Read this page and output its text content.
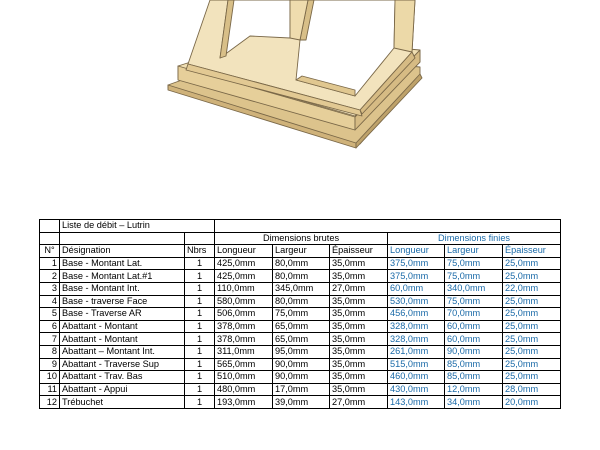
	Liste de débit – Lutrin							
			Dimensions brutes			Dimensions finies		
N°	Désignation	Nbrs	Longueur	Largeur	Épaisseur	Longueur	Largeur	Épaisseur
1	Base - Montant Lat.	1	425,0mm	80,0mm	35,0mm	375,0mm	75,0mm	25,0mm
2	Base - Montant Lat.#1	1	425,0mm	80,0mm	35,0mm	375,0mm	75,0mm	25,0mm
3	Base - Montant Int.	1	110,0mm	345,0mm	27,0mm	60,0mm	340,0mm	22,0mm
4	Base - traverse Face	1	580,0mm	80,0mm	35,0mm	530,0mm	75,0mm	25,0mm
5	Base - Traverse AR	1	506,0mm	75,0mm	35,0mm	456,0mm	70,0mm	25,0mm
6	Abattant - Montant	1	378,0mm	65,0mm	35,0mm	328,0mm	60,0mm	25,0mm
7	Abattant - Montant	1	378,0mm	65,0mm	35,0mm	328,0mm	60,0mm	25,0mm
8	Abattant – Montant Int.	1	311,0mm	95,0mm	35,0mm	261,0mm	90,0mm	25,0mm
9	Abattant - Traverse Sup	1	565,0mm	90,0mm	35,0mm	515,0mm	85,0mm	25,0mm
10	Abattant - Trav. Bas	1	510,0mm	90,0mm	35,0mm	460,0mm	85,0mm	25,0mm
11	Abattant - Appui	1	480,0mm	17,0mm	35,0mm	430,0mm	12,0mm	28,0mm
12	Trébuchet	1	193,0mm	39,0mm	27,0mm	143,0mm	34,0mm	20,0mm
